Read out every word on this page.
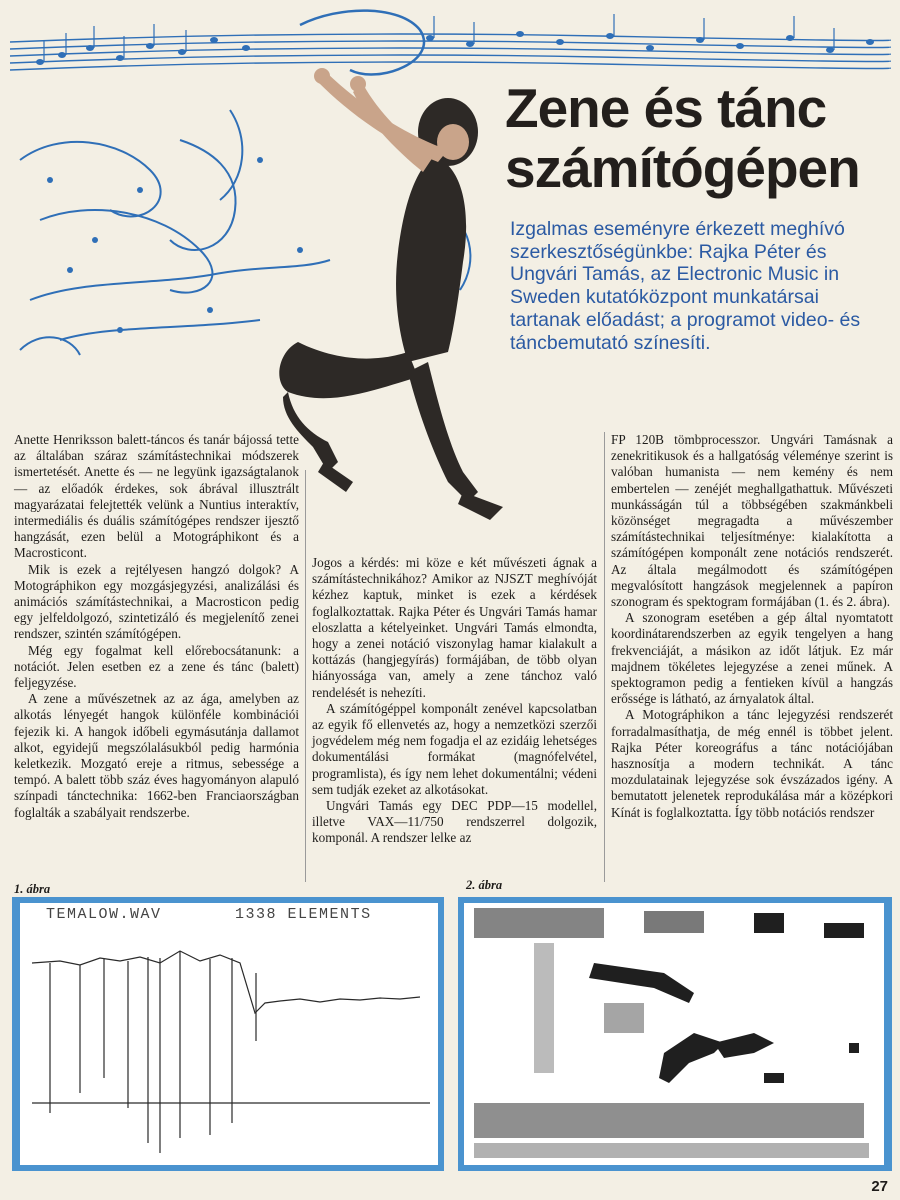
Zene és tánc
számítógépen

Izgalmas eseményre érkezett meghívó szerkesztőségünkbe: Rajka Péter és Ungvári Tamás, az Electronic Music in Sweden kutatóközpont munkatársai tartanak előadást; a programot video- és táncbemutató színesíti.

Anette Henriksson balett-táncos és tanár bájossá tette az általában száraz számítástechnikai módszerek ismertetését. Anette és — ne legyünk igazságtalanok — az előadók érdekes, sok ábrával illusztrált magyarázatai felejtették velünk a Nuntius interaktív, intermediális és duális számítógépes rendszer ijesztő hangzását, ezen belül a Motográphikont és a Macrosticont.

Mik is ezek a rejtélyesen hangzó dolgok? A Motográphikon egy mozgásjegyzési, analizálási és animációs számítástechnikai, a Macrosticon pedig egy jelfeldolgozó, szintetizáló és megjelenítő zenei rendszer, szintén számítógépen.

Még egy fogalmat kell előrebocsátanunk: a notációt. Jelen esetben ez a zene és tánc (balett) feljegyzése.

A zene a művészetnek az az ága, amelyben az alkotás lényegét hangok különféle kombinációi fejezik ki. A hangok időbeli egymásutánja dallamot alkot, egyidejű megszólalásukból pedig harmónia keletkezik. Mozgató ereje a ritmus, sebessége a tempó. A balett több száz éves hagyományon alapuló színpadi tánctechnika: 1662-ben Franciaországban foglalták a szabályait rendszerbe.

Jogos a kérdés: mi köze e két művészeti ágnak a számítástechnikához? Amikor az NJSZT meghívóját kézhez kaptuk, minket is ezek a kérdések foglalkoztattak. Rajka Péter és Ungvári Tamás hamar eloszlatta a kételyeinket. Ungvári Tamás elmondta, hogy a zenei notáció viszonylag hamar kialakult a kottázás (hangjegyírás) formájában, de több olyan hiányossága van, amely a zene tánchoz való rendelését is nehezíti.

A számítógéppel komponált zenével kapcsolatban az egyik fő ellenvetés az, hogy a nemzetközi szerzői jogvédelem még nem fogadja el az ezidáig lehetséges dokumentálási formákat (magnófelvétel, programlista), és így nem lehet dokumentálni; védeni sem tudják ezeket az alkotásokat.

Ungvári Tamás egy DEC PDP—15 modellel, illetve VAX—11/750 rendszerrel dolgozik, komponál. A rendszer lelke az

FP 120B tömbprocesszor. Ungvári Tamásnak a zenekritikusok és a hallgatóság véleménye szerint is valóban humanista — nem kemény és nem embertelen — zenéjét meghallgathattuk. Művészeti munkásságán túl a többségében szakmánkbeli közönséget megragadta a művészember számítástechnikai teljesítménye: kialakította a számítógépen komponált zene notációs rendszerét. Az általa megálmodott és számítógépen megvalósított hangzások megjelennek a papíron szonogram és spektogram formájában (1. és 2. ábra).

A szonogram esetében a gép által nyomtatott koordinátarendszerben az egyik tengelyen a hang frekvenciáját, a másikon az időt látjuk. Ez már majdnem tökéletes lejegyzése a zenei műnek. A spektogramon pedig a fentieken kívül a hangzás erőssége is látható, az árnyalatok által.

A Motográphikon a tánc lejegyzési rendszerét forradalmasíthatja, de még ennél is többet jelent. Rajka Péter koreográfus a tánc notációjában hasznosítja a modern technikát. A tánc mozdulatainak lejegyzése sok évszázados igény. A bemutatott jelenetek reprodukálása már a középkori Kínát is foglalkoztatta. Így több notációs rendszer

1. ábra	2. ábra
TEMALOW.WAV	1338 ELEMENTS
27
